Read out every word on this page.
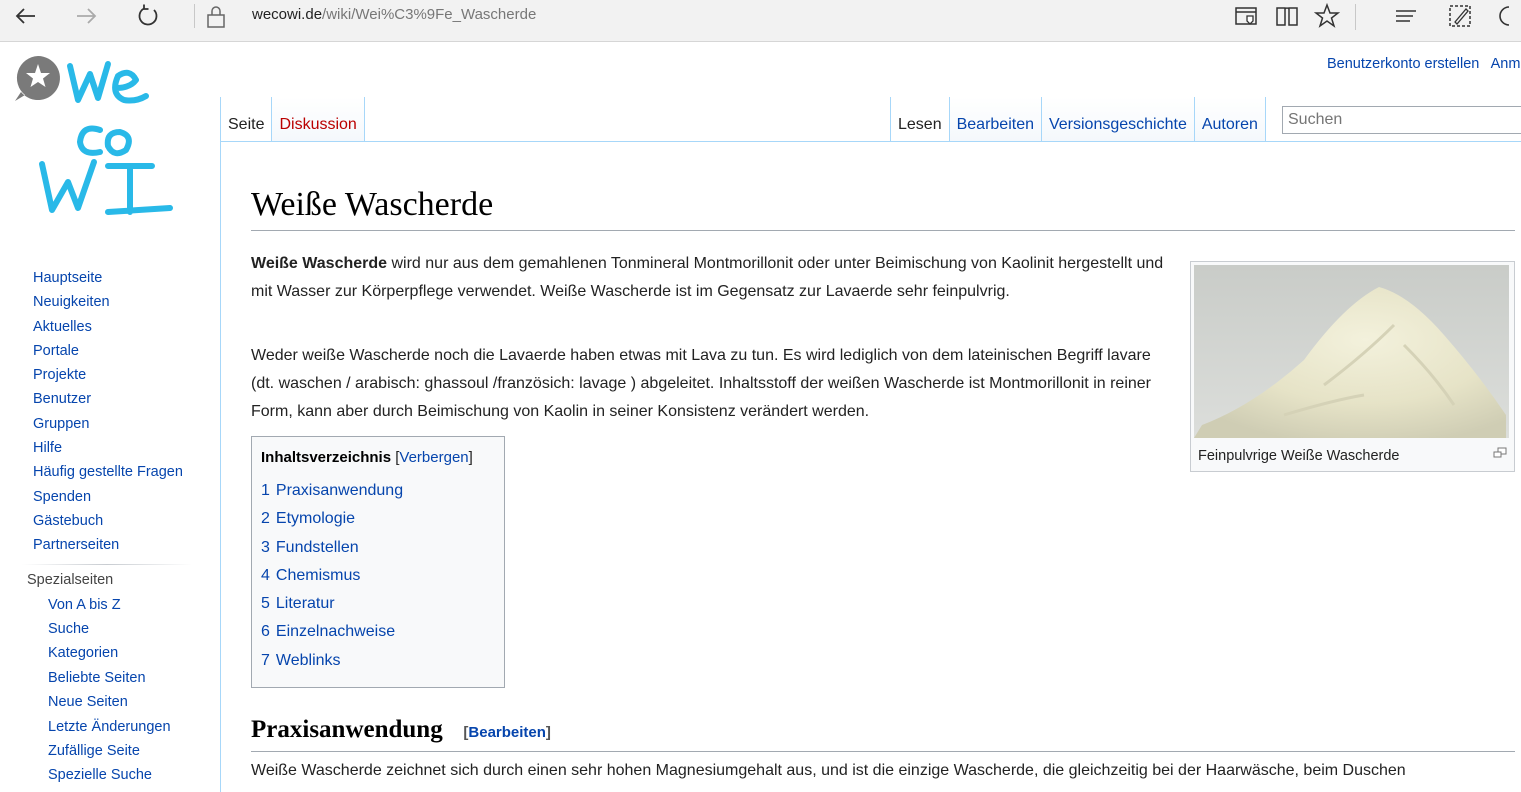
wecowi.de/wiki/Wei%C3%9Fe_Wascherde
Benutzerkonto erstellen Anm
Seite Diskussion	Lesen Bearbeiten Versionsgeschichte Autoren
Suchen
Hauptseite
Neuigkeiten
Aktuelles
Portale
Projekte
Benutzer
Gruppen
Hilfe
Häufig gestellte Fragen
Spenden
Gästebuch
Partnerseiten
Spezialseiten
Von A bis Z
Suche
Kategorien
Beliebte Seiten
Neue Seiten
Letzte Änderungen
Zufällige Seite
Spezielle Suche
Weiße Wascherde

Weiße Wascherde wird nur aus dem gemahlenen Tonmineral Montmorillonit oder unter Beimischung von Kaolinit hergestellt und mit Wasser zur Körperpflege verwendet. Weiße Wascherde ist im Gegensatz zur Lavaerde sehr feinpulvrig.

Weder weiße Wascherde noch die Lavaerde haben etwas mit Lava zu tun. Es wird lediglich von dem lateinischen Begriff lavare (dt. waschen / arabisch: ghassoul /französich: lavage ) abgeleitet. Inhaltsstoff der weißen Wascherde ist Montmorillonit in reiner Form, kann aber durch Beimischung von Kaolin in seiner Konsistenz verändert werden.

Feinpulvrige Weiße Wascherde
Inhaltsverzeichnis [Verbergen]
1 Praxisanwendung
2 Etymologie
3 Fundstellen
4 Chemismus
5 Literatur
6 Einzelnachweise
7 Weblinks
Praxisanwendung [Bearbeiten]

Weiße Wascherde zeichnet sich durch einen sehr hohen Magnesiumgehalt aus, und ist die einzige Wascherde, die gleichzeitig bei der Haarwäsche, beim Duschen
